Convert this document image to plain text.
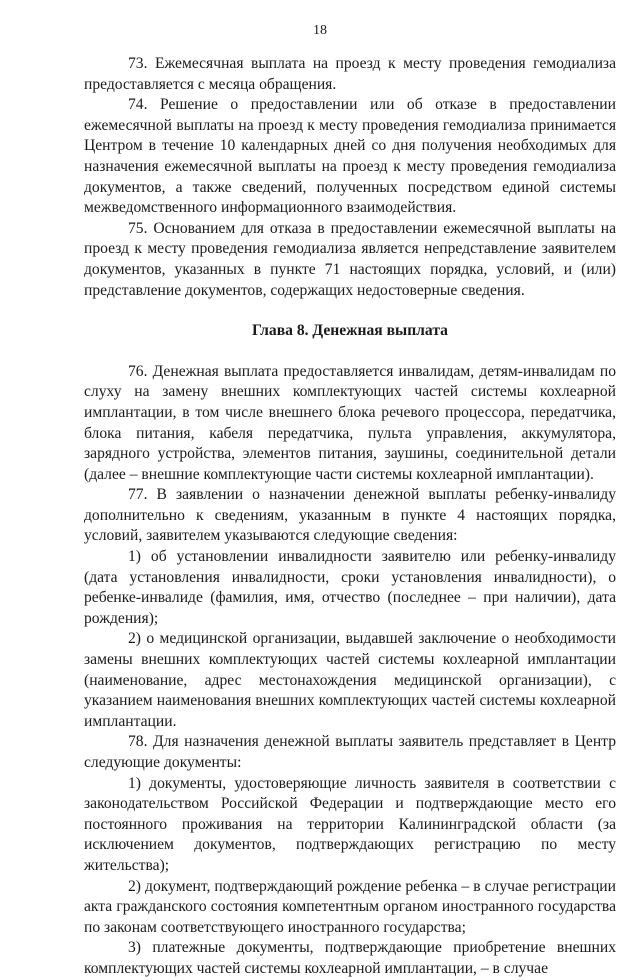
18

73. Ежемесячная выплата на проезд к месту проведения гемодиализа предоставляется с месяца обращения.

74. Решение о предоставлении или об отказе в предоставлении ежемесячной выплаты на проезд к месту проведения гемодиализа принимается Центром в течение 10 календарных дней со дня получения необходимых для назначения ежемесячной выплаты на проезд к месту проведения гемодиализа документов, а также сведений, полученных посредством единой системы межведомственного информационного взаимодействия.

75. Основанием для отказа в предоставлении ежемесячной выплаты на проезд к месту проведения гемодиализа является непредставление заявителем документов, указанных в пункте 71 настоящих порядка, условий, и (или) представление документов, содержащих недостоверные сведения.

Глава 8. Денежная выплата

76. Денежная выплата предоставляется инвалидам, детям-инвалидам по слуху на замену внешних комплектующих частей системы кохлеарной имплантации, в том числе внешнего блока речевого процессора, передатчика, блока питания, кабеля передатчика, пульта управления, аккумулятора, зарядного устройства, элементов питания, заушины, соединительной детали (далее – внешние комплектующие части системы кохлеарной имплантации).

77. В заявлении о назначении денежной выплаты ребенку-инвалиду дополнительно к сведениям, указанным в пункте 4 настоящих порядка, условий, заявителем указываются следующие сведения:

1) об установлении инвалидности заявителю или ребенку-инвалиду (дата установления инвалидности, сроки установления инвалидности), о ребенке-инвалиде (фамилия, имя, отчество (последнее – при наличии), дата рождения);

2) о медицинской организации, выдавшей заключение о необходимости замены внешних комплектующих частей системы кохлеарной имплантации (наименование, адрес местонахождения медицинской организации), с указанием наименования внешних комплектующих частей системы кохлеарной имплантации.

78. Для назначения денежной выплаты заявитель представляет в Центр следующие документы:

1) документы, удостоверяющие личность заявителя в соответствии с законодательством Российской Федерации и подтверждающие место его постоянного проживания на территории Калининградской области (за исключением документов, подтверждающих регистрацию по месту жительства);

2) документ, подтверждающий рождение ребенка – в случае регистрации акта гражданского состояния компетентным органом иностранного государства по законам соответствующего иностранного государства;

3) платежные документы, подтверждающие приобретение внешних комплектующих частей системы кохлеарной имплантации, – в случае
